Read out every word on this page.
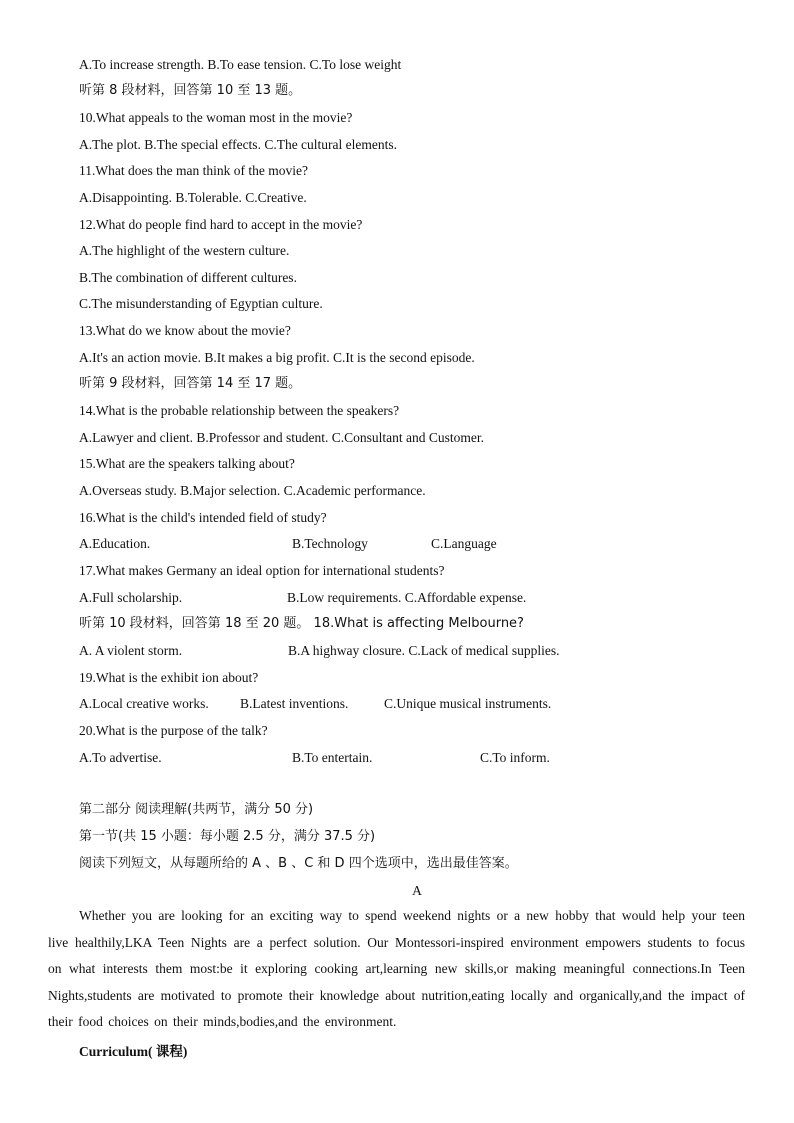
A.To increase strength. B.To ease tension. C.To lose weight
听第 8 段材料，回答第 10 至 13 题。
10.What appeals to the woman most in the movie?
A.The plot. B.The special effects. C.The cultural elements.
11.What does the man think of the movie?
A.Disappointing. B.Tolerable. C.Creative.
12.What do people find hard to accept in the movie?
A.The highlight of the western culture.
B.The combination of different cultures.
C.The misunderstanding of Egyptian culture.
13.What do we know about the movie?
A.It's an action movie. B.It makes a big profit. C.It is the second episode.
听第 9 段材料，回答第 14 至 17 题。
14.What is the probable relationship between the speakers?
A.Lawyer and client. B.Professor and student. C.Consultant and Customer.
15.What are the speakers talking about?
A.Overseas study. B.Major selection. C.Academic performance.
16.What is the child's intended field of study?
A.Education.	B.Technology	C.Language
17.What makes Germany an ideal option for international students?
A.Full scholarship.	B.Low requirements. C.Affordable expense.
听第 10 段材料，回答第 18 至 20 题。 18.What is affecting Melbourne?
A. A violent storm.	B.A highway closure. C.Lack of medical supplies.
19.What is the exhibit ion about?
A.Local creative works. B.Latest inventions.	C.Unique musical instruments.
20.What is the purpose of the talk?
A.To advertise.	B.To entertain.	C.To inform.
第二部分 阅读理解(共两节，满分 50 分)
第一节(共 15 小题：每小题 2.5 分，满分 37.5 分)
阅读下列短文，从每题所给的 A 、B 、C 和 D 四个选项中，选出最佳答案。
A
Whether you are looking for an exciting way to spend weekend nights or a new hobby that would help your teen live healthily,LKA Teen Nights are a perfect solution. Our Montessori-inspired environment empowers students to focus on what interests them most:be it exploring cooking art,learning new skills,or making meaningful connections.In Teen Nights,students are motivated to promote their knowledge about nutrition,eating locally and organically,and the impact of their food choices on their minds,bodies,and the environment.
Curriculum( 课程)
